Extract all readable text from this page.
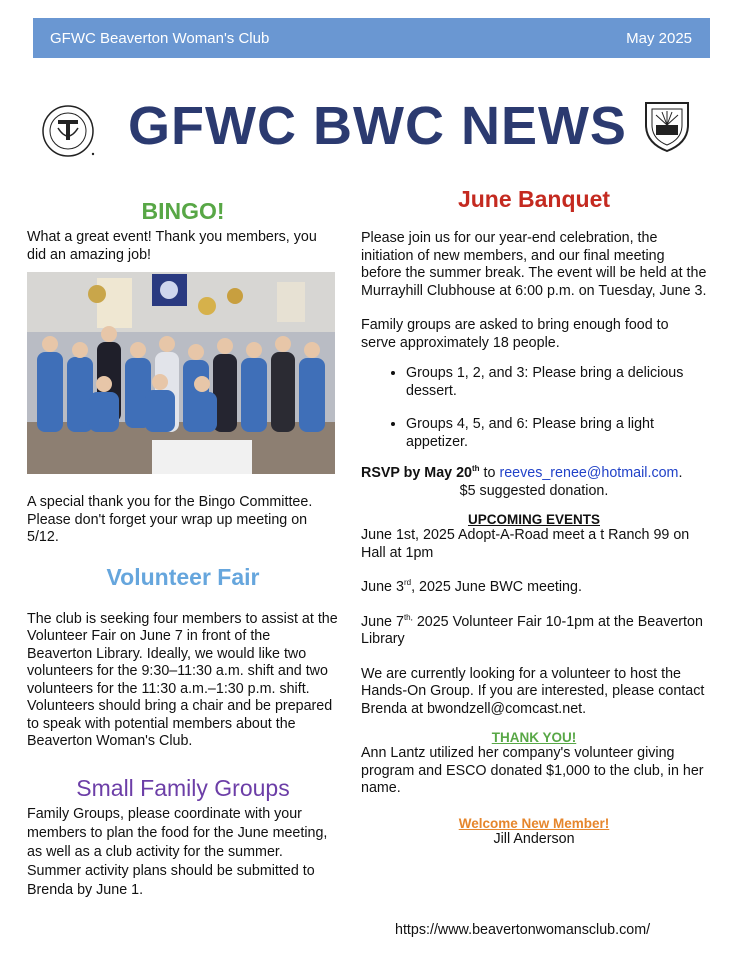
GFWC Beaverton Woman's Club	May 2025
GFWC BWC NEWS
BINGO!

What a great event! Thank you members, you did an amazing job!

A special thank you for the Bingo Committee. Please don't forget your wrap up meeting on 5/12.

Volunteer Fair

The club is seeking four members to assist at the Volunteer Fair on June 7 in front of the Beaverton Library. Ideally, we would like two volunteers for the 9:30–11:30 a.m. shift and two volunteers for the 11:30 a.m.–1:30 p.m. shift. Volunteers should bring a chair and be prepared to speak with potential members about the Beaverton Woman's Club.

Small Family Groups

Family Groups, please coordinate with your members to plan the food for the June meeting, as well as a club activity for the summer. Summer activity plans should be submitted to Brenda by June 1.

June Banquet

Please join us for our year-end celebration, the initiation of new members, and our final meeting before the summer break. The event will be held at the Murrayhill Clubhouse at 6:00 p.m. on Tuesday, June 3.

Family groups are asked to bring enough food to serve approximately 18 people.

• Groups 1, 2, and 3: Please bring a delicious dessert.
• Groups 4, 5, and 6: Please bring a light appetizer.

RSVP by May 20th to reeves_renee@hotmail.com.

$5 suggested donation.

UPCOMING EVENTS

June 1st, 2025 Adopt-A-Road meet a t Ranch 99 on Hall at 1pm

June 3rd, 2025 June BWC meeting.

June $7^{th,}$ 2025 Volunteer Fair 10-1pm at the Beaverton Library

We are currently looking for a volunteer to host the Hands-On Group. If you are interested, please contact Brenda at bwondzell@comcast.net.

THANK YOU!

Ann Lantz utilized her company's volunteer giving program and ESCO donated $1,000 to the club, in her name.

Welcome New Member!

Jill Anderson

https://www.beavertonwomansclub.com/
